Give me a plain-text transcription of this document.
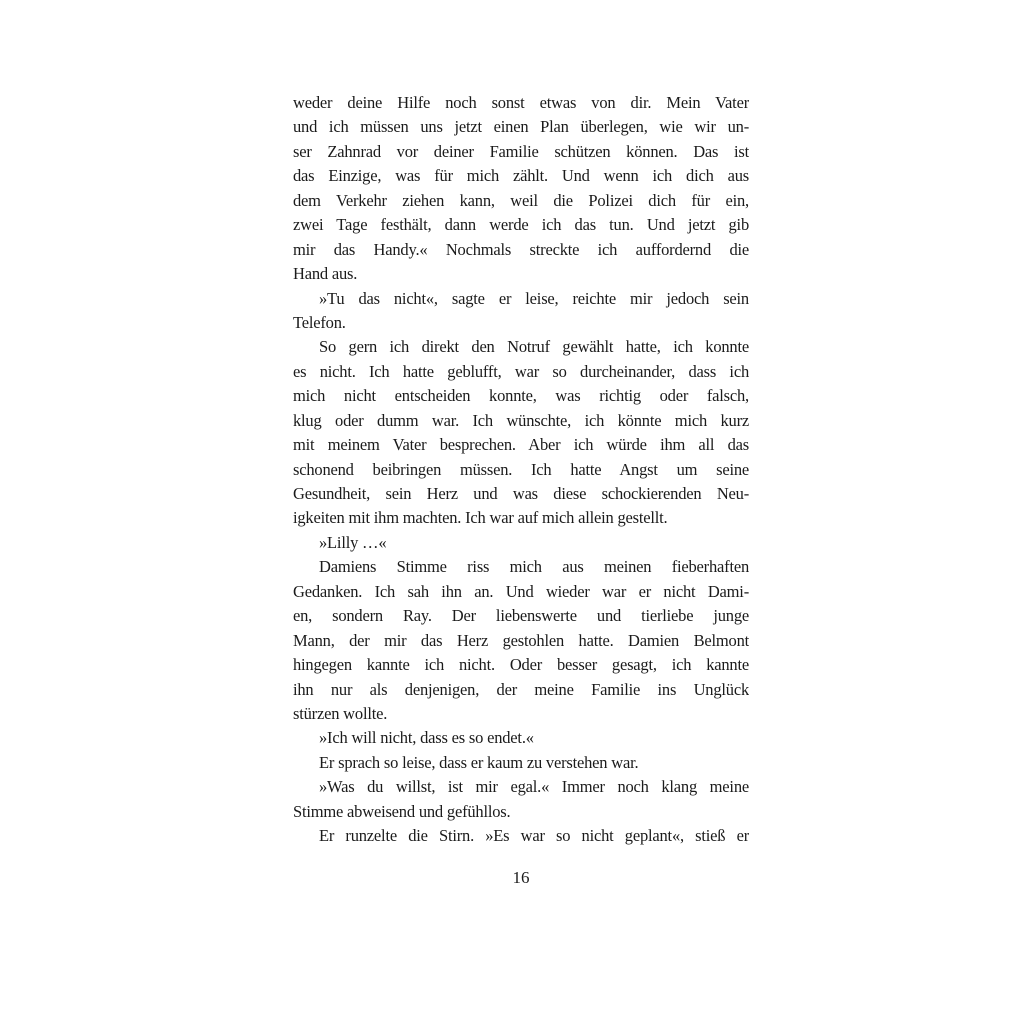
weder deine Hilfe noch sonst etwas von dir. Mein Vater
und ich müssen uns jetzt einen Plan überlegen, wie wir un-
ser Zahnrad vor deiner Familie schützen können. Das ist
das Einzige, was für mich zählt. Und wenn ich dich aus
dem Verkehr ziehen kann, weil die Polizei dich für ein,
zwei Tage festhält, dann werde ich das tun. Und jetzt gib
mir das Handy.« Nochmals streckte ich auffordernd die
Hand aus.
»Tu das nicht«, sagte er leise, reichte mir jedoch sein
Telefon.
So gern ich direkt den Notruf gewählt hatte, ich konnte
es nicht. Ich hatte geblufft, war so durcheinander, dass ich
mich nicht entscheiden konnte, was richtig oder falsch,
klug oder dumm war. Ich wünschte, ich könnte mich kurz
mit meinem Vater besprechen. Aber ich würde ihm all das
schonend beibringen müssen. Ich hatte Angst um seine
Gesundheit, sein Herz und was diese schockierenden Neu-
igkeiten mit ihm machten. Ich war auf mich allein gestellt.
»Lilly …«
Damiens Stimme riss mich aus meinen fieberhaften
Gedanken. Ich sah ihn an. Und wieder war er nicht Dami-
en, sondern Ray. Der liebenswerte und tierliebe junge
Mann, der mir das Herz gestohlen hatte. Damien Belmont
hingegen kannte ich nicht. Oder besser gesagt, ich kannte
ihn nur als denjenigen, der meine Familie ins Unglück
stürzen wollte.
»Ich will nicht, dass es so endet.«
Er sprach so leise, dass er kaum zu verstehen war.
»Was du willst, ist mir egal.« Immer noch klang meine
Stimme abweisend und gefühllos.
Er runzelte die Stirn. »Es war so nicht geplant«, stieß er
16
